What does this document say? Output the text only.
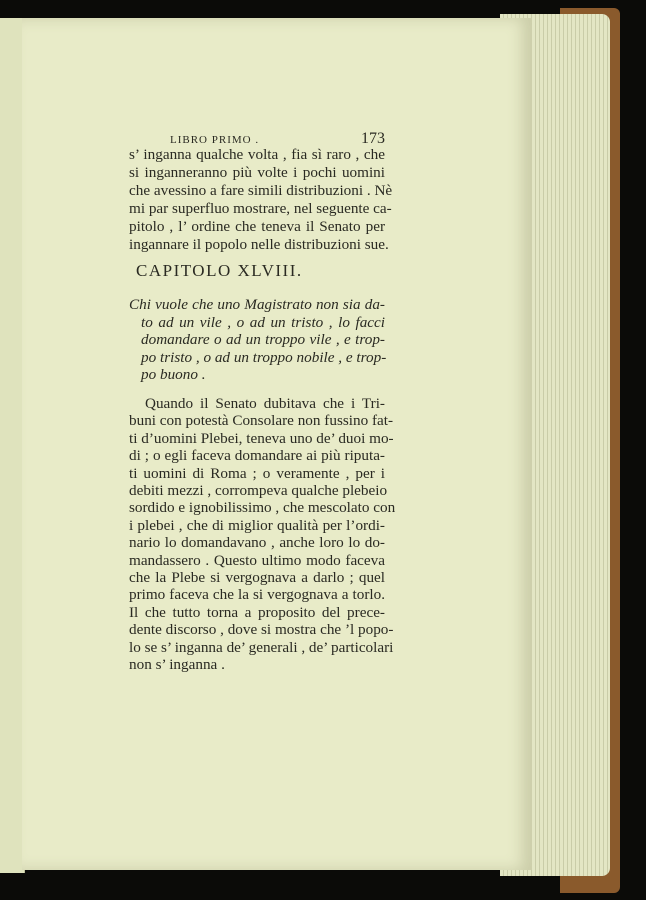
LIBRO PRIMO .	173
s’ inganna qualche volta , fia sì raro , che
si inganneranno più volte i pochi uomini
che avessino a fare simili distribuzioni . Nè
mi par superfluo mostrare, nel seguente ca-
pitolo , l’ ordine che teneva il Senato per
ingannare il popolo nelle distribuzioni sue.
CAPITOLO XLVIII.
Chi vuole che uno Magistrato non sia da-
to ad un vile , o ad un tristo , lo facci
domandare o ad un troppo vile , e trop-
po tristo , o ad un troppo nobile , e trop-
po buono .
Quando il Senato dubitava che i Tri-
buni con potestà Consolare non fussino fat-
ti d’uomini Plebei, teneva uno de’ duoi mo-
di ; o egli faceva domandare ai più riputa-
ti uomini di Roma ; o veramente , per i
debiti mezzi , corrompeva qualche plebeio
sordido e ignobilissimo , che mescolato con
i plebei , che di miglior qualità per l’ordi-
nario lo domandavano , anche loro lo do-
mandassero . Questo ultimo modo faceva
che la Plebe si vergognava a darlo ; quel
primo faceva che la si vergognava a torlo.
Il che tutto torna a proposito del prece-
dente discorso , dove si mostra che ’l popo-
lo se s’ inganna de’ generali , de’ particolari
non s’ inganna .
